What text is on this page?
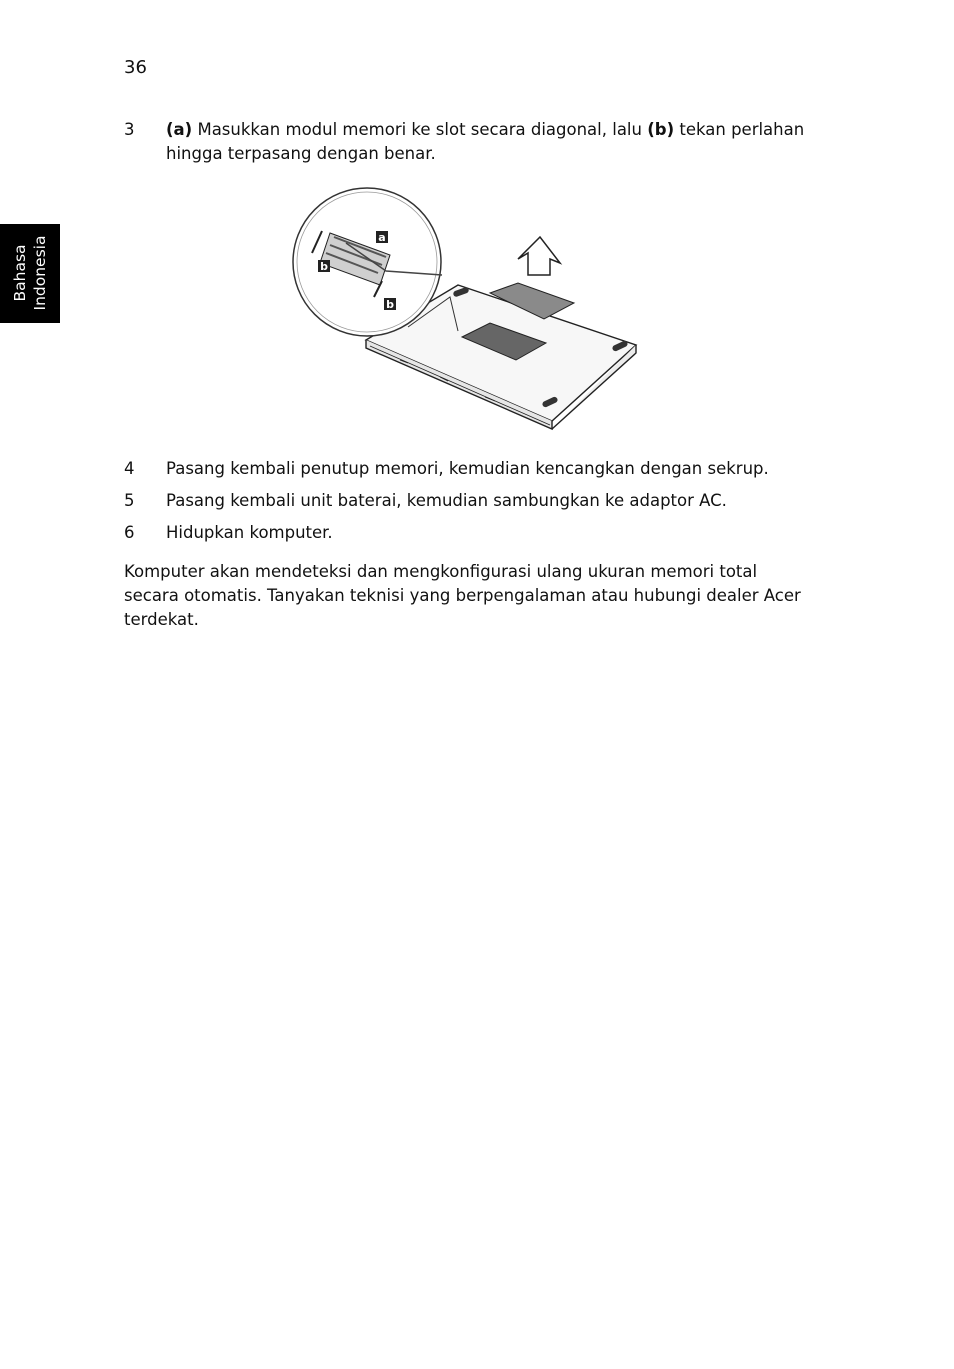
36
Bahasa Indonesia
3	(a) Masukkan modul memori ke slot secara diagonal, lalu (b) tekan perlahan hingga terpasang dengan benar.
a
b
b
4	Pasang kembali penutup memori, kemudian kencangkan dengan sekrup.
5	Pasang kembali unit baterai, kemudian sambungkan ke adaptor AC.
6	Hidupkan komputer.
Komputer akan mendeteksi dan mengkonfigurasi ulang ukuran memori total secara otomatis. Tanyakan teknisi yang berpengalaman atau hubungi dealer Acer terdekat.
